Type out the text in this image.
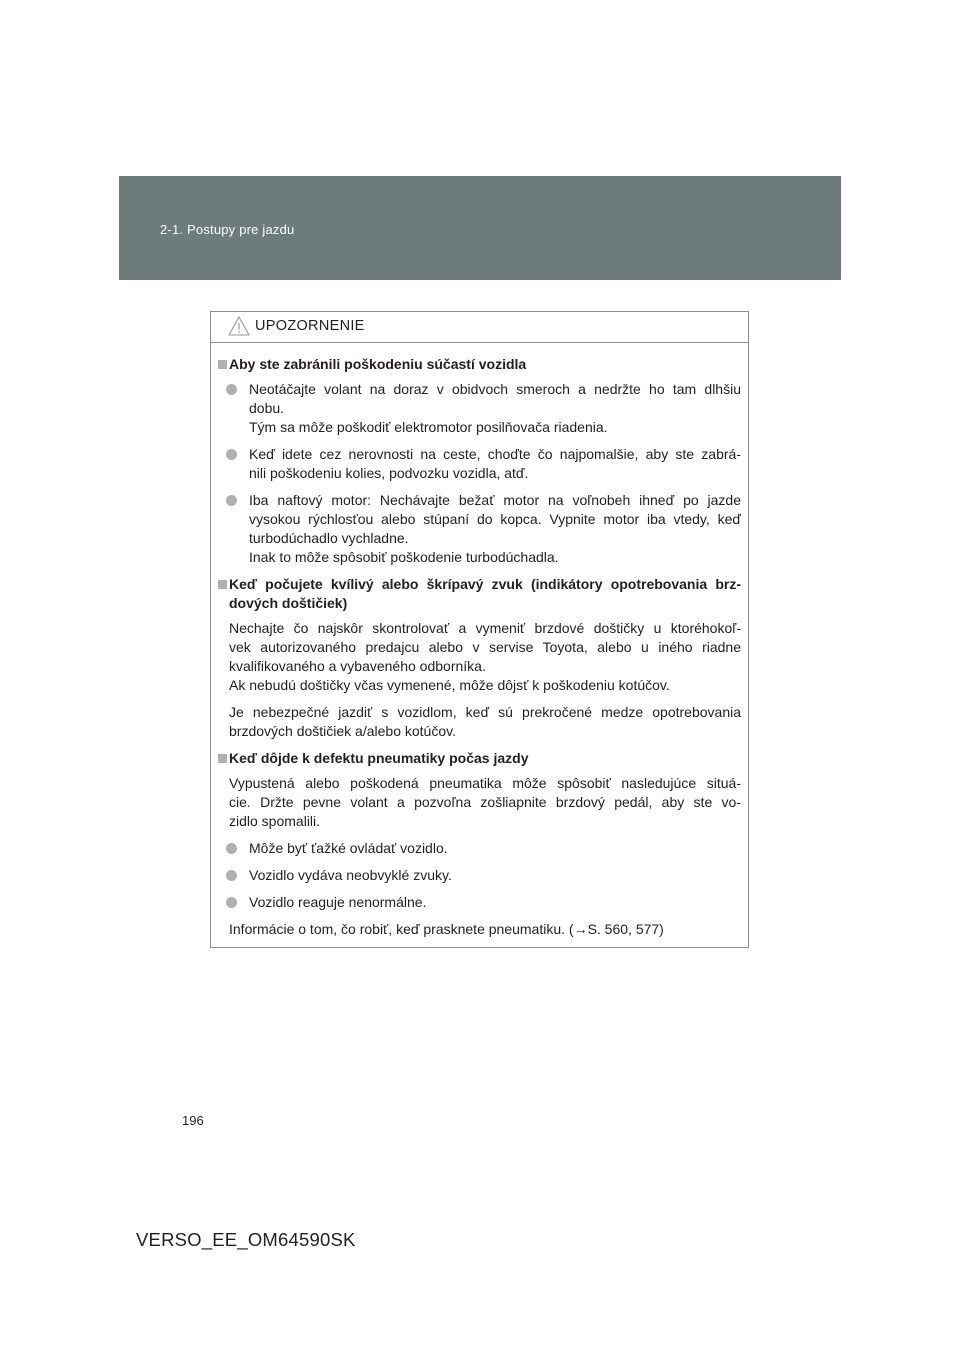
2-1. Postupy pre jazdu
UPOZORNENIE
Aby ste zabránili poškodeniu súčastí vozidla
Neotáčajte volant na doraz v obidvoch smeroch a nedržte ho tam dlhšiu
dobu.
Tým sa môže poškodiť elektromotor posilňovača riadenia.
Keď idete cez nerovnosti na ceste, choďte čo najpomalšie, aby ste zabrá-
nili poškodeniu kolies, podvozku vozidla, atď.
Iba naftový motor: Nechávajte bežať motor na voľnobeh ihneď po jazde
vysokou rýchlosťou alebo stúpaní do kopca. Vypnite motor iba vtedy, keď
turbodúchadlo vychladne.
Inak to môže spôsobiť poškodenie turbodúchadla.
Keď počujete kvílivý alebo škrípavý zvuk (indikátory opotrebovania brz-
dových doštičiek)
Nechajte čo najskôr skontrolovať a vymeniť brzdové doštičky u ktoréhokoľ-
vek autorizovaného predajcu alebo v servise Toyota, alebo u iného riadne
kvalifikovaného a vybaveného odborníka.
Ak nebudú doštičky včas vymenené, môže dôjsť k poškodeniu kotúčov.
Je nebezpečné jazdiť s vozidlom, keď sú prekročené medze opotrebovania
brzdových doštičiek a/alebo kotúčov.
Keď dôjde k defektu pneumatiky počas jazdy
Vypustená alebo poškodená pneumatika môže spôsobiť nasledujúce situá-
cie. Držte pevne volant a pozvoľna zošliapnite brzdový pedál, aby ste vo-
zidlo spomalili.
Môže byť ťažké ovládať vozidlo.
Vozidlo vydáva neobvyklé zvuky.
Vozidlo reaguje nenormálne.
Informácie o tom, čo robiť, keď prasknete pneumatiku. (→S. 560, 577)
196
VERSO_EE_OM64590SK
